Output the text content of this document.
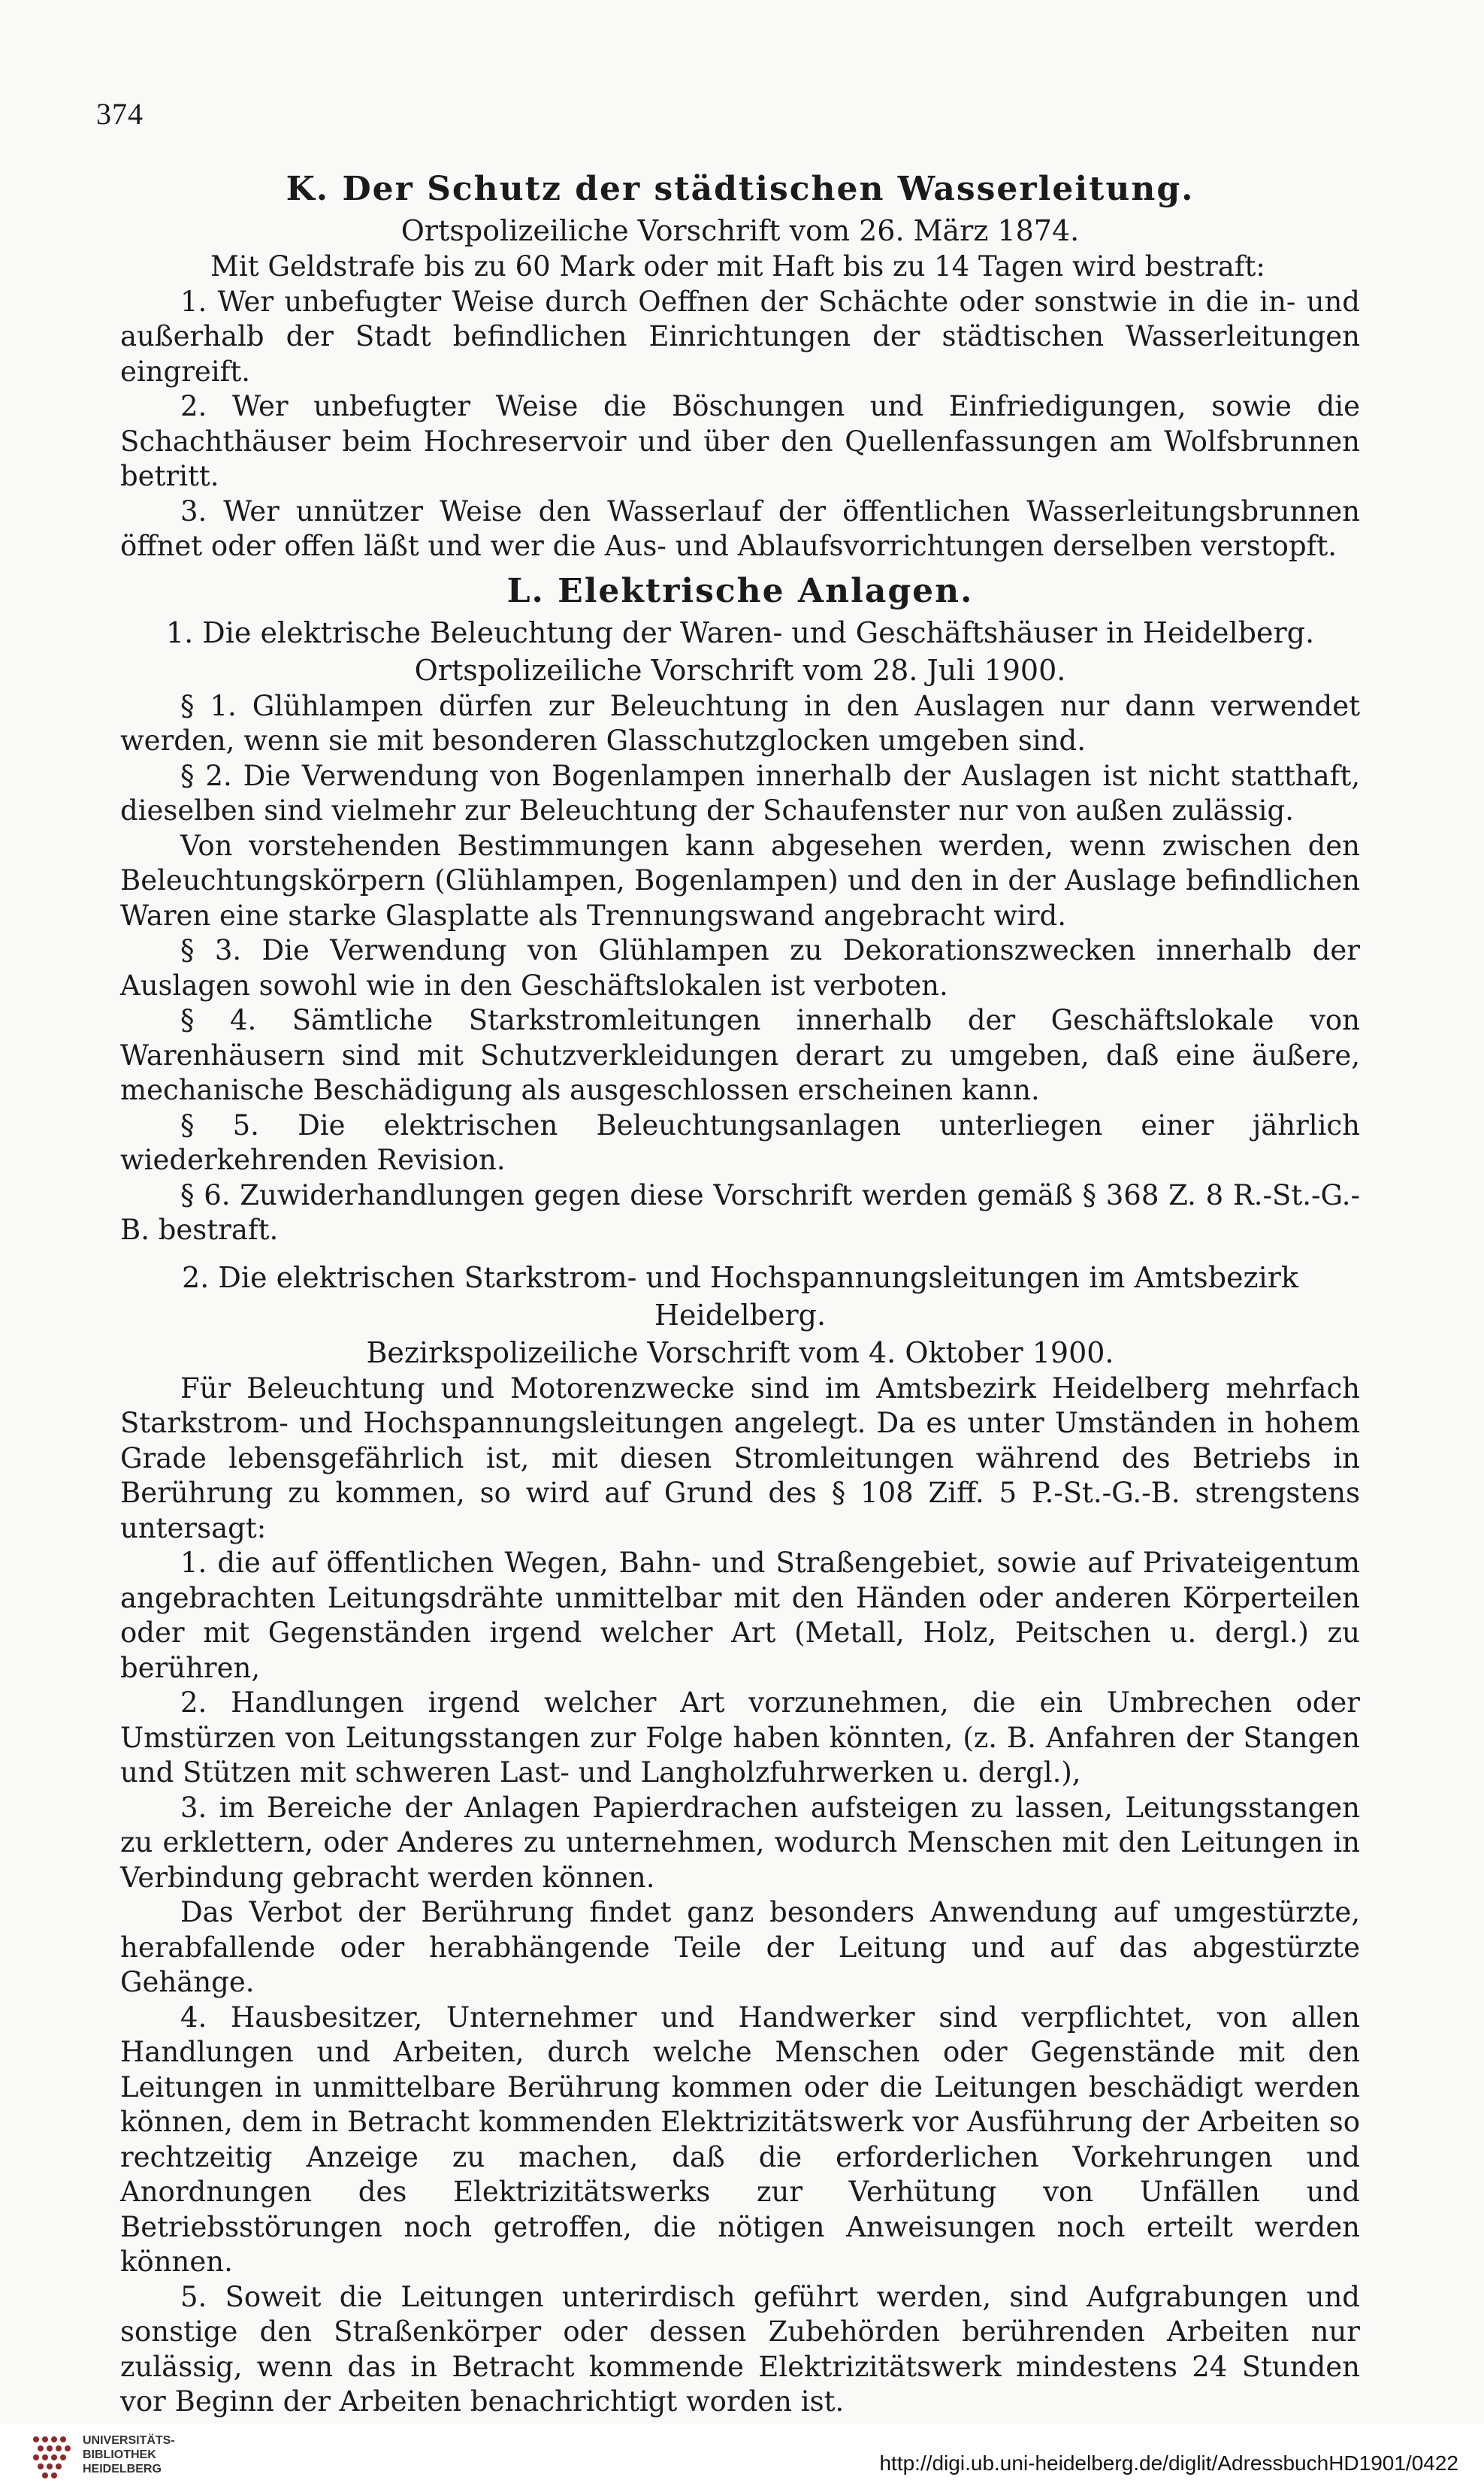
374
K. Der Schutz der städtischen Wasserleitung.
Ortspolizeiliche Vorschrift vom 26. März 1874.

Mit Geldstrafe bis zu 60 Mark oder mit Haft bis zu 14 Tagen wird bestraft:

1. Wer unbefugter Weise durch Oeffnen der Schächte oder sonstwie in die in- und außerhalb der Stadt befindlichen Einrichtungen der städtischen Wasserleitungen eingreift.

2. Wer unbefugter Weise die Böschungen und Einfriedigungen, sowie die Schachthäuser beim Hochreservoir und über den Quellenfassungen am Wolfsbrunnen betritt.

3. Wer unnützer Weise den Wasserlauf der öffentlichen Wasserleitungsbrunnen öffnet oder offen läßt und wer die Aus- und Ablaufsvorrichtungen derselben verstopft.

L. Elektrische Anlagen.
1. Die elektrische Beleuchtung der Waren- und Geschäftshäuser in Heidelberg.
Ortspolizeiliche Vorschrift vom 28. Juli 1900.

§ 1. Glühlampen dürfen zur Beleuchtung in den Auslagen nur dann verwendet werden, wenn sie mit besonderen Glasschutzglocken umgeben sind.

§ 2. Die Verwendung von Bogenlampen innerhalb der Auslagen ist nicht statthaft, dieselben sind vielmehr zur Beleuchtung der Schaufenster nur von außen zulässig.

Von vorstehenden Bestimmungen kann abgesehen werden, wenn zwischen den Beleuchtungskörpern (Glühlampen, Bogenlampen) und den in der Auslage befindlichen Waren eine starke Glasplatte als Trennungswand angebracht wird.

§ 3. Die Verwendung von Glühlampen zu Dekorationszwecken innerhalb der Auslagen sowohl wie in den Geschäftslokalen ist verboten.

§ 4. Sämtliche Starkstromleitungen innerhalb der Geschäftslokale von Warenhäusern sind mit Schutzverkleidungen derart zu umgeben, daß eine äußere, mechanische Beschädigung als ausgeschlossen erscheinen kann.

§ 5. Die elektrischen Beleuchtungsanlagen unterliegen einer jährlich wiederkehrenden Revision.

§ 6. Zuwiderhandlungen gegen diese Vorschrift werden gemäß § 368 Z. 8 R.-St.-G.-B. bestraft.

2. Die elektrischen Starkstrom- und Hochspannungsleitungen im Amtsbezirk Heidelberg.
Bezirkspolizeiliche Vorschrift vom 4. Oktober 1900.

Für Beleuchtung und Motorenzwecke sind im Amtsbezirk Heidelberg mehrfach Starkstrom- und Hochspannungsleitungen angelegt. Da es unter Umständen in hohem Grade lebensgefährlich ist, mit diesen Stromleitungen während des Betriebs in Berührung zu kommen, so wird auf Grund des § 108 Ziff. 5 P.-St.-G.-B. strengstens untersagt:

1. die auf öffentlichen Wegen, Bahn- und Straßengebiet, sowie auf Privateigentum angebrachten Leitungsdrähte unmittelbar mit den Händen oder anderen Körperteilen oder mit Gegenständen irgend welcher Art (Metall, Holz, Peitschen u. dergl.) zu berühren,

2. Handlungen irgend welcher Art vorzunehmen, die ein Umbrechen oder Umstürzen von Leitungsstangen zur Folge haben könnten, (z. B. Anfahren der Stangen und Stützen mit schweren Last- und Langholzfuhrwerken u. dergl.),

3. im Bereiche der Anlagen Papierdrachen aufsteigen zu lassen, Leitungsstangen zu erklettern, oder Anderes zu unternehmen, wodurch Menschen mit den Leitungen in Verbindung gebracht werden können.

Das Verbot der Berührung findet ganz besonders Anwendung auf umgestürzte, herabfallende oder herabhängende Teile der Leitung und auf das abgestürzte Gehänge.

4. Hausbesitzer, Unternehmer und Handwerker sind verpflichtet, von allen Handlungen und Arbeiten, durch welche Menschen oder Gegenstände mit den Leitungen in unmittelbare Berührung kommen oder die Leitungen beschädigt werden können, dem in Betracht kommenden Elektrizitätswerk vor Ausführung der Arbeiten so rechtzeitig Anzeige zu machen, daß die erforderlichen Vorkehrungen und Anordnungen des Elektrizitätswerks zur Verhütung von Unfällen und Betriebsstörungen noch getroffen, die nötigen Anweisungen noch erteilt werden können.

5. Soweit die Leitungen unterirdisch geführt werden, sind Aufgrabungen und sonstige den Straßenkörper oder dessen Zubehörden berührenden Arbeiten nur zulässig, wenn das in Betracht kommende Elektrizitätswerk mindestens 24 Stunden vor Beginn der Arbeiten benachrichtigt worden ist.

UNIVERSITÄTS-
BIBLIOTHEK
HEIDELBERG	http://digi.ub.uni-heidelberg.de/diglit/AdressbuchHD1901/0422
